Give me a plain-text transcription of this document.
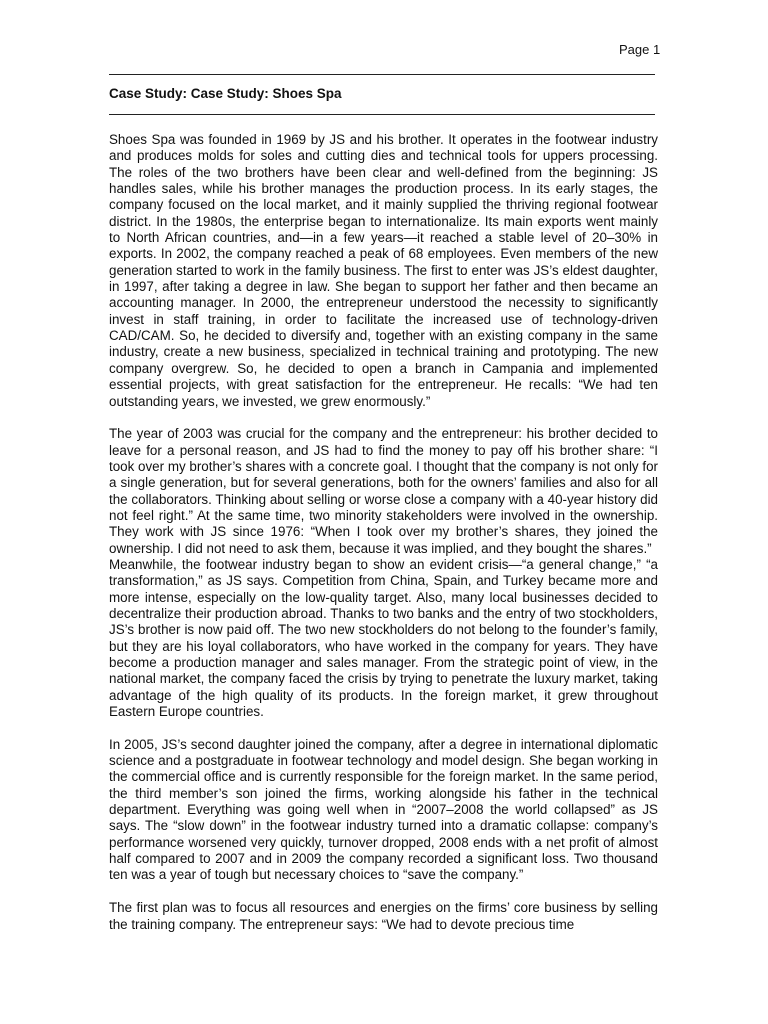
Page 1
Case Study: Case Study: Shoes Spa

Shoes Spa was founded in 1969 by JS and his brother. It operates in the footwear industry and produces molds for soles and cutting dies and technical tools for uppers processing. The roles of the two brothers have been clear and well-defined from the beginning: JS handles sales, while his brother manages the production process. In its early stages, the company focused on the local market, and it mainly supplied the thriving regional footwear district. In the 1980s, the enterprise began to internationalize. Its main exports went mainly to North African countries, and—in a few years—it reached a stable level of 20–30% in exports. In 2002, the company reached a peak of 68 employees. Even members of the new generation started to work in the family business. The first to enter was JS’s eldest daughter, in 1997, after taking a degree in law. She began to support her father and then became an accounting manager. In 2000, the entrepreneur understood the necessity to significantly invest in staff training, in order to facilitate the increased use of technology-driven CAD/CAM. So, he decided to diversify and, together with an existing company in the same industry, create a new business, specialized in technical training and prototyping. The new company overgrew. So, he decided to open a branch in Campania and implemented essential projects, with great satisfaction for the entrepreneur. He recalls: “We had ten outstanding years, we invested, we grew enormously.”

The year of 2003 was crucial for the company and the entrepreneur: his brother decided to leave for a personal reason, and JS had to find the money to pay off his brother share: “I took over my brother’s shares with a concrete goal. I thought that the company is not only for a single generation, but for several generations, both for the owners’ families and also for all the collaborators. Thinking about selling or worse close a company with a 40-year history did not feel right.” At the same time, two minority stakeholders were involved in the ownership. They work with JS since 1976: “When I took over my brother’s shares, they joined the ownership. I did not need to ask them, because it was implied, and they bought the shares.”

Meanwhile, the footwear industry began to show an evident crisis—“a general change,” “a transformation,” as JS says. Competition from China, Spain, and Turkey became more and more intense, especially on the low-quality target. Also, many local businesses decided to decentralize their production abroad. Thanks to two banks and the entry of two stockholders, JS’s brother is now paid off. The two new stockholders do not belong to the founder’s family, but they are his loyal collaborators, who have worked in the company for years. They have become a production manager and sales manager. From the strategic point of view, in the national market, the company faced the crisis by trying to penetrate the luxury market, taking advantage of the high quality of its products. In the foreign market, it grew throughout Eastern Europe countries.

In 2005, JS’s second daughter joined the company, after a degree in international diplomatic science and a postgraduate in footwear technology and model design. She began working in the commercial office and is currently responsible for the foreign market. In the same period, the third member’s son joined the firms, working alongside his father in the technical department. Everything was going well when in “2007–2008 the world collapsed” as JS says. The “slow down” in the footwear industry turned into a dramatic collapse: company’s performance worsened very quickly, turnover dropped, 2008 ends with a net profit of almost half compared to 2007 and in 2009 the company recorded a significant loss. Two thousand ten was a year of tough but necessary choices to “save the company.”

The first plan was to focus all resources and energies on the firms’ core business by selling the training company. The entrepreneur says: “We had to devote precious time
